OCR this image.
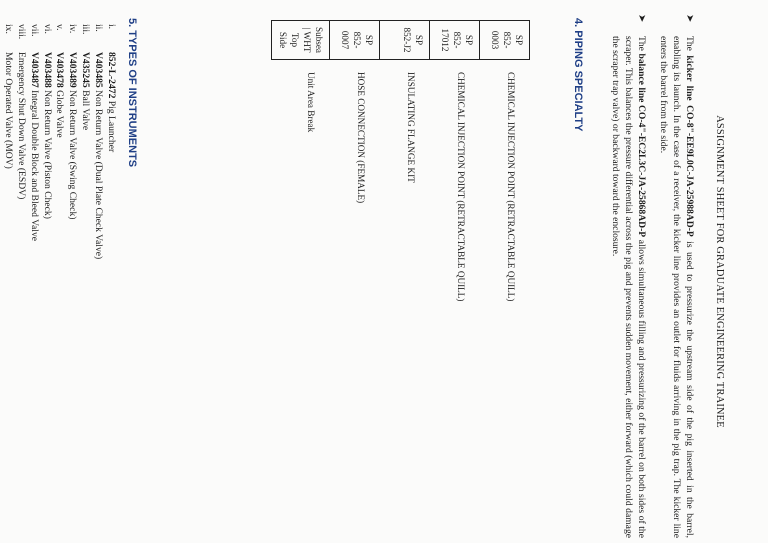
ASSIGNMENT SHEET FOR GRADUATE ENGINEERING TRAINEE
➤
The kicker line CO-8"-EE9L0C-JA-25988AD-P is used to pressurize the upstream side of the pig inserted in the barrel, enabling its launch. In the case of a receiver, the kicker line provides an outlet for fluids arriving in the pig trap. The kicker line enters the barrel from the side.
➤
The balance line CO-4"-EC2L3C-JA-25868AD-P allows simultaneous filling and pressurizing of the barrel on both sides of the scraper. This balances the pressure differential across the pig and prevents sudden movement, either forward (which could damage the scraper trap valve) or backward toward the enclosure.
4. PIPING SPECIALTY
SP
852-0003	CHEMICAL INJECTION POINT (RETRACTABLE QUILL)
SP
852-17012	CHEMICAL INJECTION POINT (RETRACTABLE QUILL)
SP
852-J2	INSULATING FLANGE KIT
SP
852-0007	HOSE CONNECTION (FEMALE)
Subsea | WHT Top Side	Unit Area Break
5. TYPES OF INSTRUMENTS
i.
852-L-2472 Pig Launcher
ii.
V403485 Non Return Valve (Dual Plate Check Valve)
iii.
V435245 Ball Valve
iv.
V403489 Non Return Valve (Swing Check)
v.
V403478 Globe Valve
vi.
V403488 Non Return Valve (Piston Check)
vii.
V403487 Integral Double Block and Bleed Valve
viii.
Emergency Shut Down Valve (ESDV)
ix.
Motor Operated Valve (MOV)
